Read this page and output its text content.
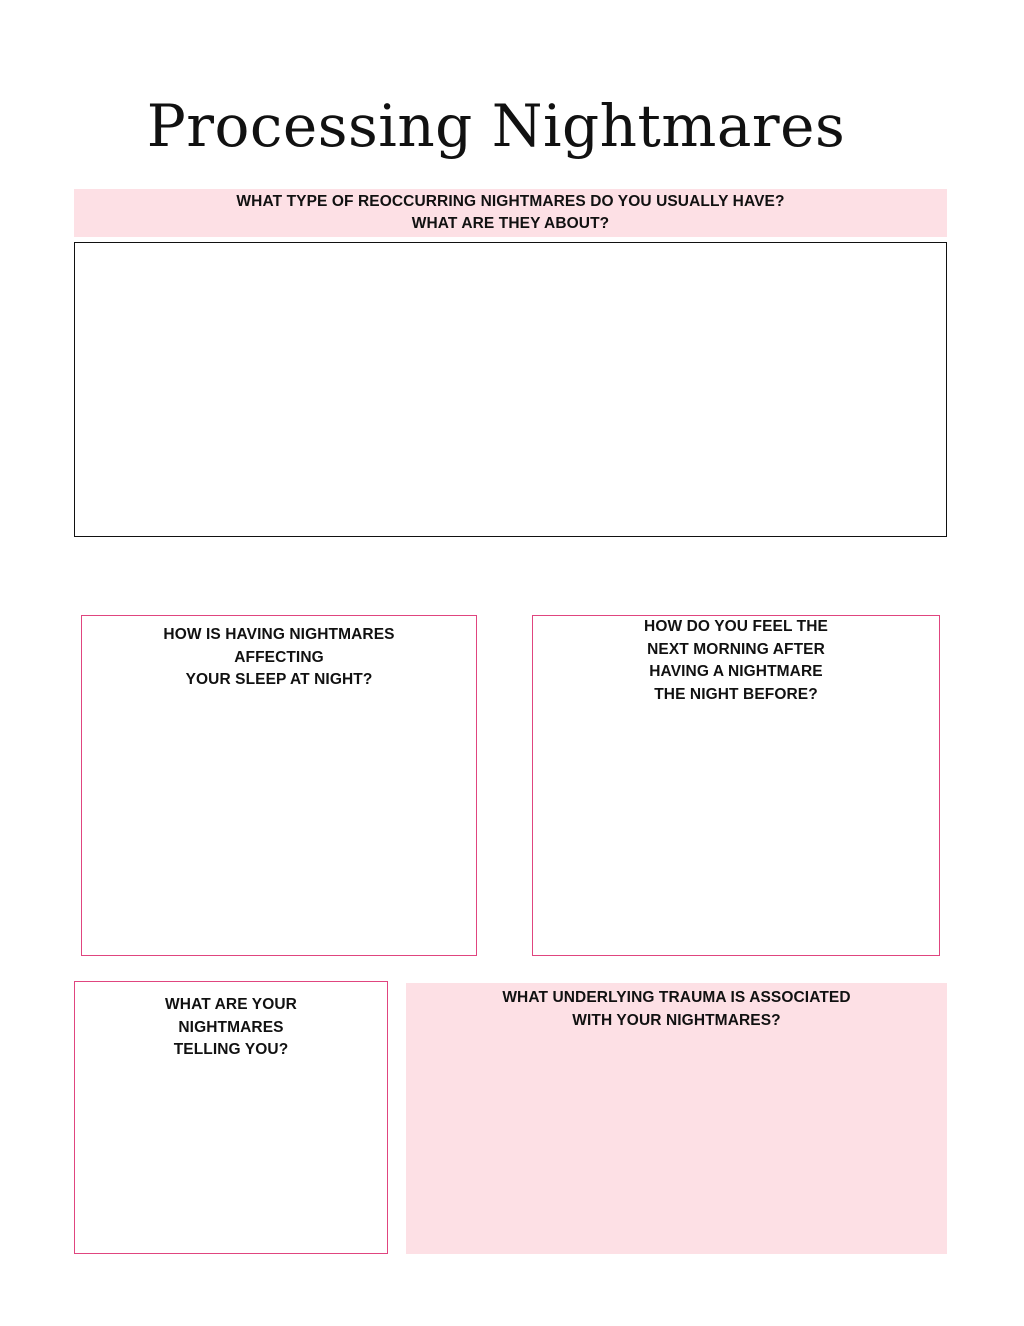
Processing Nightmares
WHAT TYPE OF REOCCURRING NIGHTMARES DO YOU USUALLY HAVE?
WHAT ARE THEY ABOUT?
HOW IS HAVING NIGHTMARES
AFFECTING
YOUR SLEEP AT NIGHT?
HOW DO YOU FEEL THE
NEXT MORNING AFTER
HAVING A NIGHTMARE
THE NIGHT BEFORE?
WHAT ARE YOUR
NIGHTMARES
TELLING YOU?
WHAT UNDERLYING TRAUMA IS ASSOCIATED
WITH YOUR NIGHTMARES?
